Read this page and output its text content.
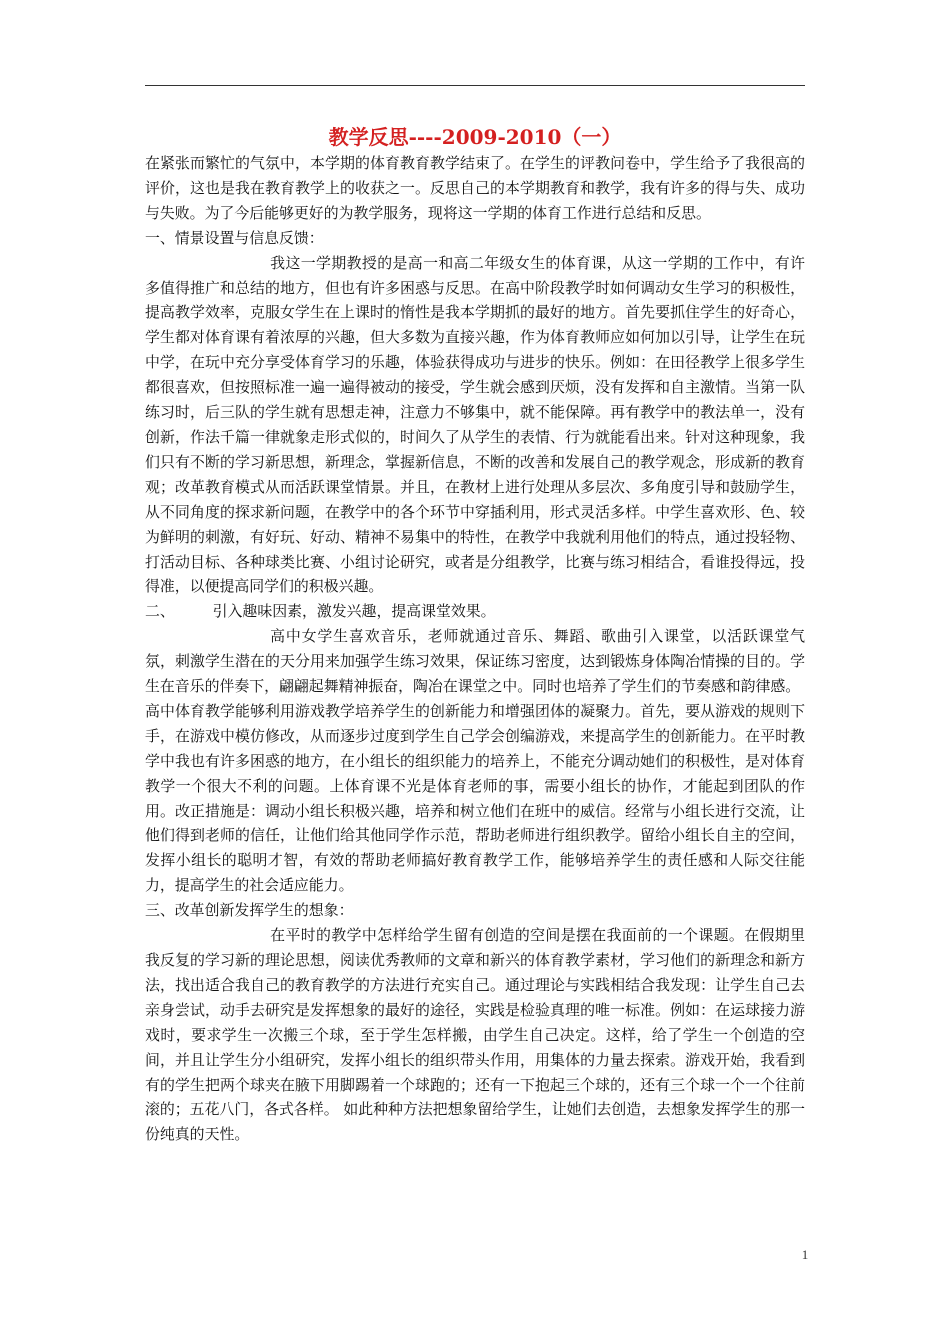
教学反思----2009-2010（一）

在紧张而繁忙的气氛中，本学期的体育教育教学结束了。在学生的评教问卷中，学生给予了我很高的评价，这也是我在教育教学上的收获之一。反思自己的本学期教育和教学，我有许多的得与失、成功与失败。为了今后能够更好的为教学服务，现将这一学期的体育工作进行总结和反思。

一、情景设置与信息反馈：

我这一学期教授的是高一和高二年级女生的体育课，从这一学期的工作中，有许多值得推广和总结的地方，但也有许多困惑与反思。在高中阶段教学时如何调动女生学习的积极性，提高教学效率，克服女学生在上课时的惰性是我本学期抓的最好的地方。首先要抓住学生的好奇心，学生都对体育课有着浓厚的兴趣，但大多数为直接兴趣，作为体育教师应如何加以引导，让学生在玩中学，在玩中充分享受体育学习的乐趣，体验获得成功与进步的快乐。例如：在田径教学上很多学生都很喜欢，但按照标准一遍一遍得被动的接受，学生就会感到厌烦，没有发挥和自主激情。当第一队练习时，后三队的学生就有思想走神，注意力不够集中，就不能保障。再有教学中的教法单一，没有创新，作法千篇一律就象走形式似的，时间久了从学生的表情、行为就能看出来。针对这种现象，我们只有不断的学习新思想，新理念，掌握新信息，不断的改善和发展自己的教学观念，形成新的教育观；改革教育模式从而活跃课堂情景。并且，在教材上进行处理从多层次、多角度引导和鼓励学生，从不同角度的探求新问题，在教学中的各个环节中穿插利用，形式灵活多样。中学生喜欢形、色、较为鲜明的刺激，有好玩、好动、精神不易集中的特性，在教学中我就利用他们的特点，通过投轻物、打活动目标、各种球类比赛、小组讨论研究，或者是分组教学，比赛与练习相结合，看谁投得远，投得准，以便提高同学们的积极兴趣。

二、        引入趣味因素，激发兴趣，提高课堂效果。

高中女学生喜欢音乐，老师就通过音乐、舞蹈、歌曲引入课堂，以活跃课堂气氛，刺激学生潜在的天分用来加强学生练习效果，保证练习密度，达到锻炼身体陶冶情操的目的。学生在音乐的伴奏下，翩翩起舞精神振奋，陶冶在课堂之中。同时也培养了学生们的节奏感和韵律感。

高中体育教学能够利用游戏教学培养学生的创新能力和增强团体的凝聚力。首先，要从游戏的规则下手，在游戏中模仿修改，从而逐步过度到学生自己学会创编游戏，来提高学生的创新能力。在平时教学中我也有许多困惑的地方，在小组长的组织能力的培养上，不能充分调动她们的积极性，是对体育教学一个很大不利的问题。上体育课不光是体育老师的事，需要小组长的协作，才能起到团队的作用。改正措施是：调动小组长积极兴趣，培养和树立他们在班中的威信。经常与小组长进行交流，让他们得到老师的信任，让他们给其他同学作示范，帮助老师进行组织教学。留给小组长自主的空间，发挥小组长的聪明才智，有效的帮助老师搞好教育教学工作，能够培养学生的责任感和人际交往能力，提高学生的社会适应能力。

三、改革创新发挥学生的想象：

在平时的教学中怎样给学生留有创造的空间是摆在我面前的一个课题。在假期里我反复的学习新的理论思想，阅读优秀教师的文章和新兴的体育教学素材，学习他们的新理念和新方法，找出适合我自己的教育教学的方法进行充实自己。通过理论与实践相结合我发现：让学生自己去亲身尝试，动手去研究是发挥想象的最好的途径，实践是检验真理的唯一标准。例如：在运球接力游戏时，要求学生一次搬三个球，至于学生怎样搬，由学生自己决定。这样，给了学生一个创造的空间，并且让学生分小组研究，发挥小组长的组织带头作用，用集体的力量去探索。游戏开始，我看到有的学生把两个球夹在腋下用脚踢着一个球跑的；还有一下抱起三个球的，还有三个球一个一个往前滚的；五花八门，各式各样。 如此种种方法把想象留给学生，让她们去创造，去想象发挥学生的那一份纯真的天性。

1
